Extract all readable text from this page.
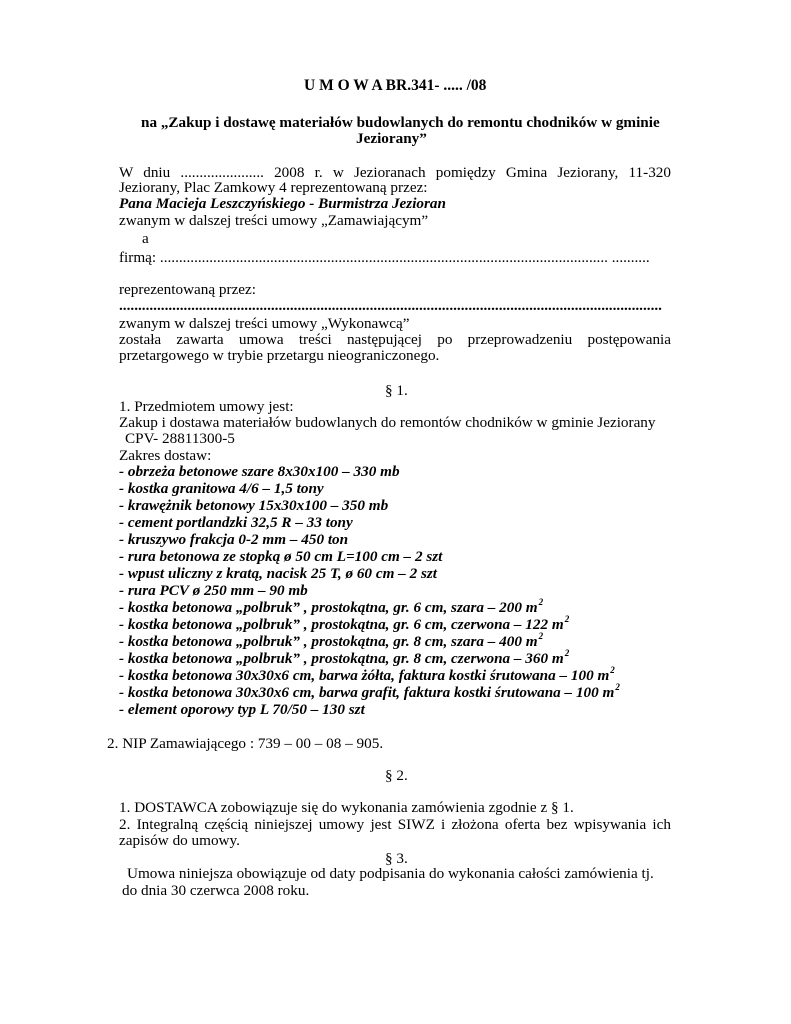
U M O W A BR.341- ..... /08
na „Zakup i dostawę materiałów budowlanych do remontu chodników w gminie
Jeziorany”
W dniu ...................... 2008 r. w Jezioranach pomiędzy Gmina Jeziorany, 11-320
Jeziorany, Plac Zamkowy 4 reprezentowaną przez:
Pana Macieja Leszczyńskiego - Burmistrza Jezioran
zwanym w dalszej treści umowy „Zamawiającym”
a
firmą: ...................................................................................................................... ..........
reprezentowaną przez:
...............................................................................................................................................
zwanym w dalszej treści umowy „Wykonawcą”
została zawarta umowa treści następującej po przeprowadzeniu postępowania
przetargowego w trybie przetargu nieograniczonego.
§ 1.
1. Przedmiotem umowy jest:
Zakup i dostawa materiałów budowlanych do remontów chodników w gminie Jeziorany
CPV- 28811300-5
Zakres dostaw:
- obrzeża betonowe szare 8x30x100 – 330 mb
- kostka granitowa 4/6 – 1,5 tony
- krawężnik betonowy 15x30x100 – 350 mb
- cement portlandzki 32,5 R – 33 tony
- kruszywo frakcja 0-2 mm – 450 ton
- rura betonowa ze stopką ø 50 cm L=100 cm – 2 szt
- wpust uliczny z kratą, nacisk 25 T, ø 60 cm – 2 szt
- rura PCV ø 250 mm – 90 mb
- kostka betonowa „polbruk” , prostokątna, gr. 6 cm, szara – 200 m 2
- kostka betonowa „polbruk” , prostokątna, gr. 6 cm, czerwona – 122 m 2
- kostka betonowa „polbruk” , prostokątna, gr. 8 cm, szara – 400 m 2
- kostka betonowa „polbruk” , prostokątna, gr. 8 cm, czerwona – 360 m 2
- kostka betonowa 30x30x6 cm, barwa żółta, faktura kostki śrutowana – 100 m 2
- kostka betonowa 30x30x6 cm, barwa grafit, faktura kostki śrutowana – 100 m 2
- element oporowy typ L 70/50 – 130 szt
2. NIP Zamawiającego : 739 – 00 – 08 – 905.
§ 2.
1. DOSTAWCA zobowiązuje się do wykonania zamówienia zgodnie z § 1.
2. Integralną częścią niniejszej umowy jest SIWZ i złożona oferta bez wpisywania ich
zapisów do umowy.
§ 3.
Umowa niniejsza obowiązuje od daty podpisania do wykonania całości zamówienia tj.
do dnia 30 czerwca 2008 roku.
